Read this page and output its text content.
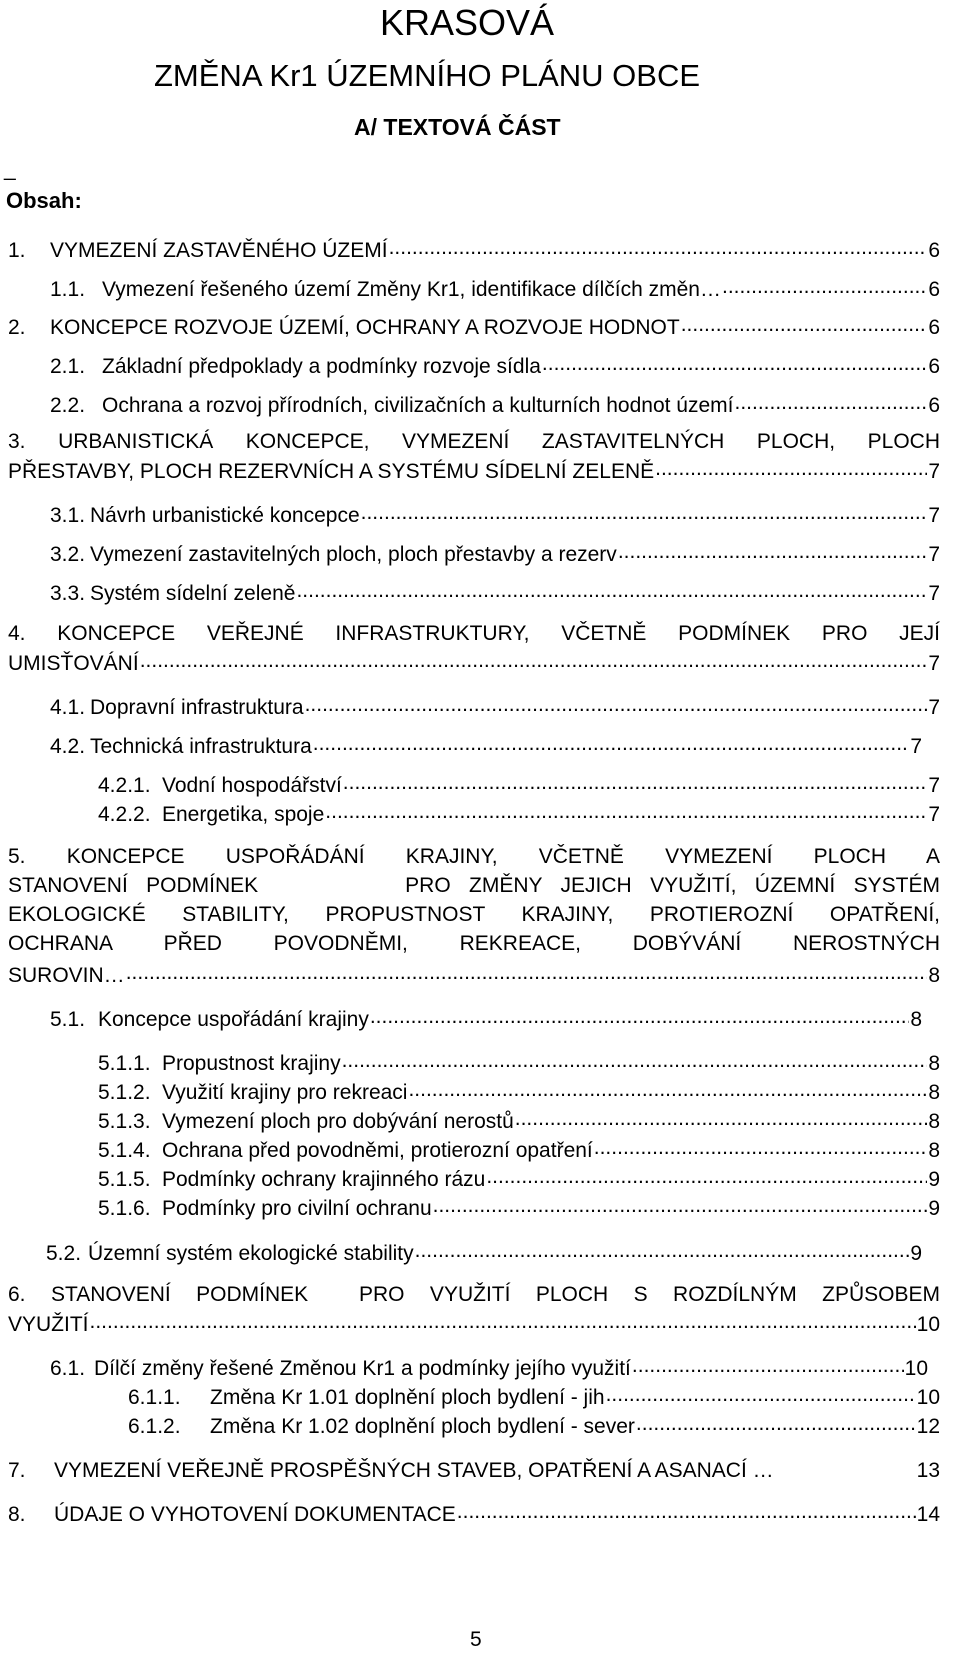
KRASOVÁ
ZMĚNA Kr1 ÚZEMNÍHO PLÁNU OBCE
A/ TEXTOVÁ ČÁST
_
Obsah:
1.	VYMEZENÍ ZASTAVĚNÉHO ÚZEMÍ .....	6
1.1. Vymezení řešeného území Změny Kr1, identifikace dílčích změn… .....	6
2.	KONCEPCE ROZVOJE ÚZEMÍ, OCHRANY A ROZVOJE HODNOT .....	6
2.1. Základní předpoklady a podmínky rozvoje sídla .....	6
2.2. Ochrana a rozvoj přírodních, civilizačních a kulturních hodnot území .....	6
3. URBANISTICKÁ KONCEPCE, VYMEZENÍ ZASTAVITELNÝCH PLOCH, PLOCH
PŘESTAVBY, PLOCH REZERVNÍCH A SYSTÉMU SÍDELNÍ ZELENĚ .....	7
3.1. Návrh urbanistické koncepce .....	7
3.2. Vymezení zastavitelných ploch, ploch přestavby a rezerv .....	7
3.3. Systém sídelní zeleně .....	7
4. KONCEPCE VEŘEJNÉ INFRASTRUKTURY, VČETNĚ PODMÍNEK PRO JEJÍ
UMISŤOVÁNÍ .....	7
4.1. Dopravní infrastruktura .....	7
4.2. Technická infrastruktura .....	7
4.2.1. Vodní hospodářství .....	7
4.2.2. Energetika, spoje .....	7
5. KONCEPCE USPOŘÁDÁNÍ KRAJINY, VČETNĚ VYMEZENÍ PLOCH A
STANOVENÍ PODMÍNEK        PRO ZMĚNY JEJICH VYUŽITÍ, ÚZEMNÍ SYSTÉM
EKOLOGICKÉ STABILITY, PROPUSTNOST KRAJINY, PROTIEROZNÍ OPATŘENÍ,
OCHRANA PŘED POVODNĚMI, REKREACE, DOBÝVÁNÍ NEROSTNÝCH
SUROVIN… .....	8
5.1. Koncepce uspořádání krajiny .....	8
5.1.1. Propustnost krajiny .....	8
5.1.2. Využití krajiny pro rekreaci .....	8
5.1.3. Vymezení ploch pro dobývání nerostů .....	8
5.1.4. Ochrana před povodněmi, protierozní opatření .....	8
5.1.5. Podmínky ochrany krajinného rázu .....	9
5.1.6. Podmínky pro civilní ochranu .....	9
5.2. Územní systém ekologické stability .....	9
6. STANOVENÍ PODMÍNEK  PRO VYUŽITÍ PLOCH S ROZDÍLNÝM ZPŮSOBEM
VYUŽITÍ .....	10
6.1. Dílčí změny řešené Změnou Kr1 a podmínky jejího využití .....	10
6.1.1.	Změna Kr 1.01 doplnění ploch bydlení - jih .....	10
6.1.2.	Změna Kr 1.02 doplnění ploch bydlení - sever .....	12
7.	VYMEZENÍ VEŘEJNĚ PROSPĚŠNÝCH STAVEB, OPATŘENÍ A ASANACÍ …	13
8.	ÚDAJE O VYHOTOVENÍ DOKUMENTACE .....	14
5
